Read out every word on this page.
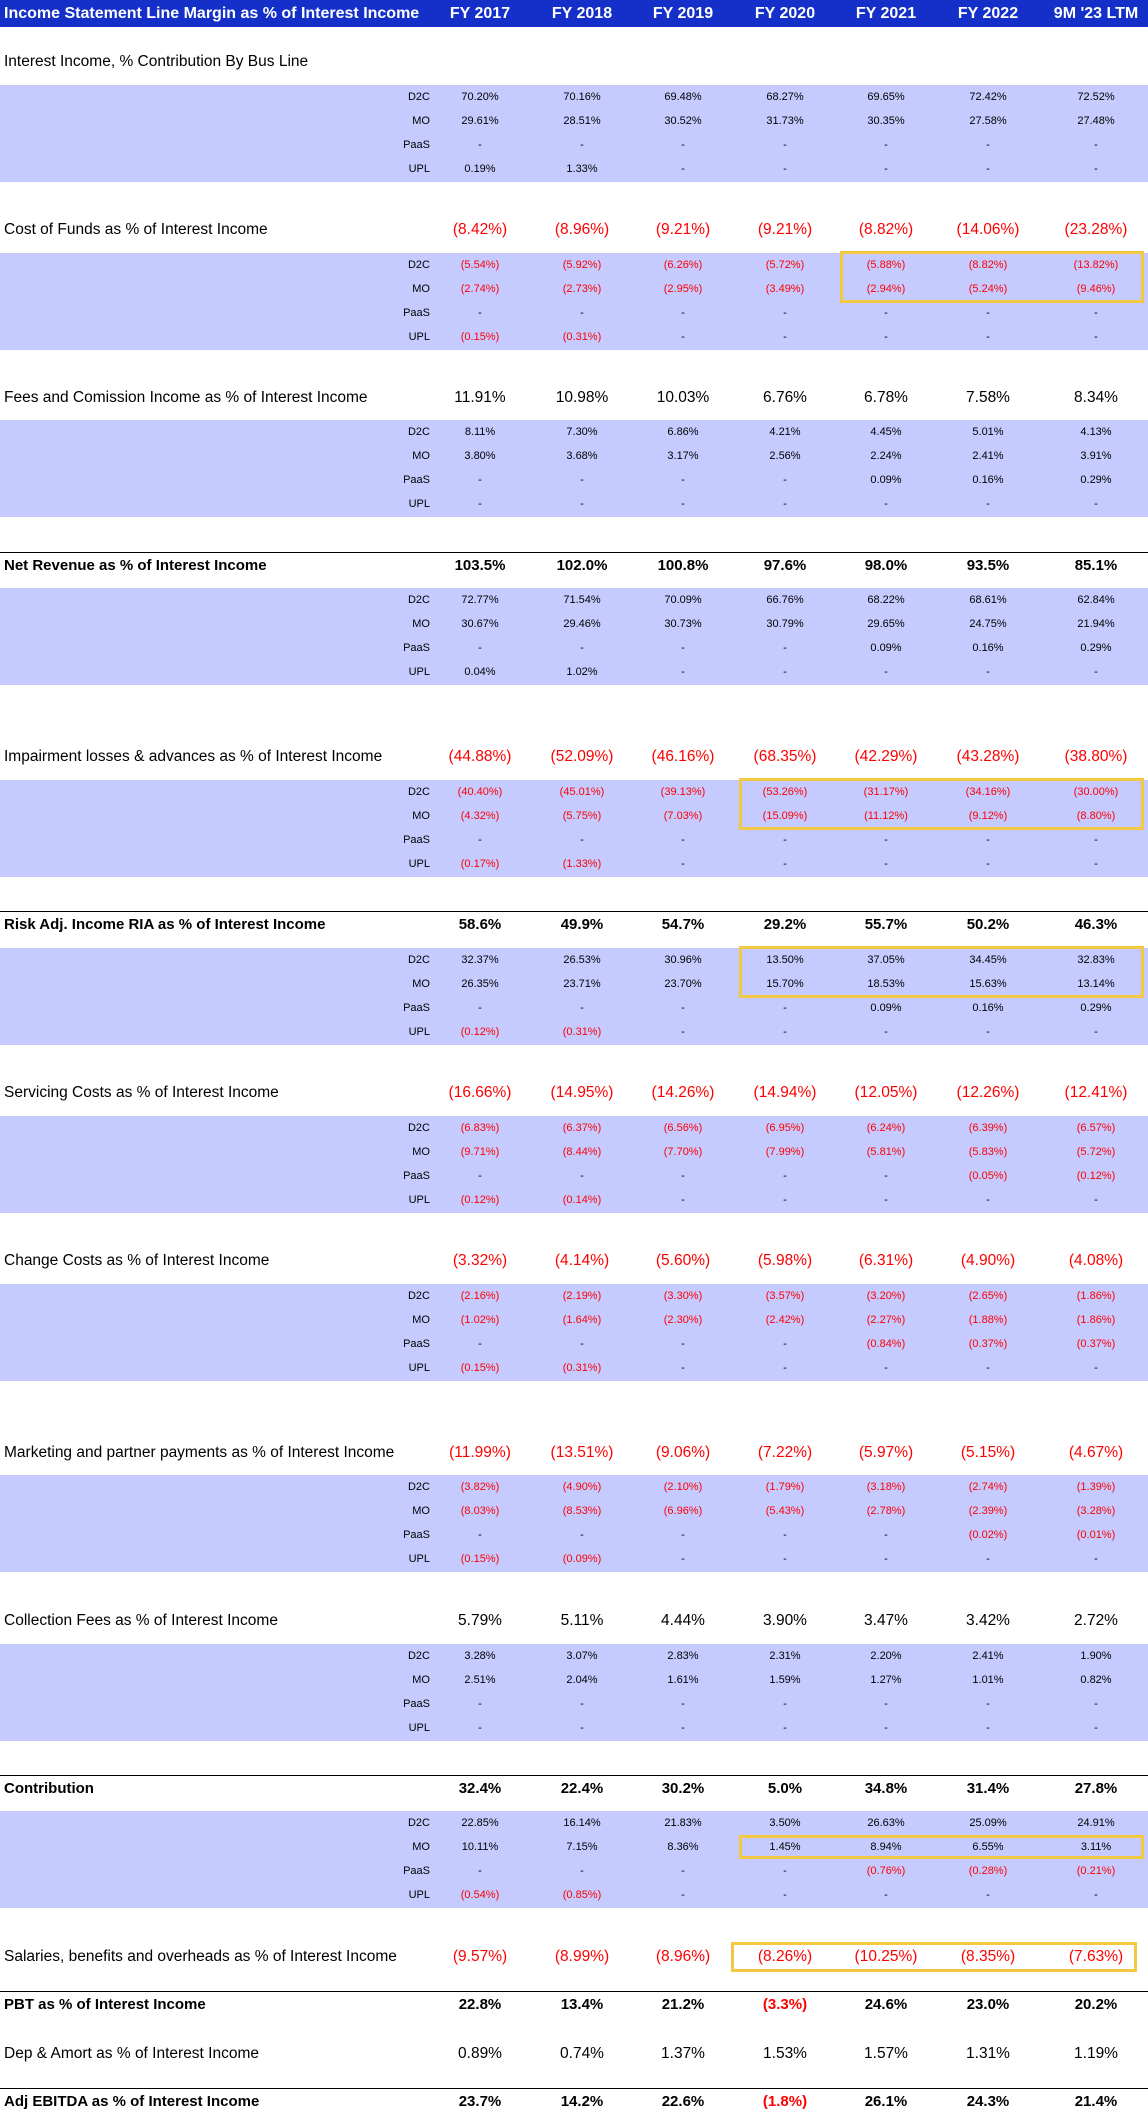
Income Statement Line Margin as % of Interest Income	FY 2017	FY 2018	FY 2019	FY 2020	FY 2021	FY 2022	9M '23 LTM
Interest Income, % Contribution By Bus Line
D2C	70.20%	70.16%	69.48%	68.27%	69.65%	72.42%	72.52%
MO	29.61%	28.51%	30.52%	31.73%	30.35%	27.58%	27.48%
PaaS	-	-	-	-	-	-	-
UPL	0.19%	1.33%	-	-	-	-	-
Cost of Funds as % of Interest Income	(8.42%)	(8.96%)	(9.21%)	(9.21%)	(8.82%)	(14.06%)	(23.28%)
D2C	(5.54%)	(5.92%)	(6.26%)	(5.72%)	(5.88%)	(8.82%)	(13.82%)
MO	(2.74%)	(2.73%)	(2.95%)	(3.49%)	(2.94%)	(5.24%)	(9.46%)
PaaS	-	-	-	-	-	-	-
UPL	(0.15%)	(0.31%)	-	-	-	-	-
Fees and Comission Income as % of Interest Income	11.91%	10.98%	10.03%	6.76%	6.78%	7.58%	8.34%
D2C	8.11%	7.30%	6.86%	4.21%	4.45%	5.01%	4.13%
MO	3.80%	3.68%	3.17%	2.56%	2.24%	2.41%	3.91%
PaaS	-	-	-	-	0.09%	0.16%	0.29%
UPL	-	-	-	-	-	-	-
Net Revenue as % of Interest Income	103.5%	102.0%	100.8%	97.6%	98.0%	93.5%	85.1%
D2C	72.77%	71.54%	70.09%	66.76%	68.22%	68.61%	62.84%
MO	30.67%	29.46%	30.73%	30.79%	29.65%	24.75%	21.94%
PaaS	-	-	-	-	0.09%	0.16%	0.29%
UPL	0.04%	1.02%	-	-	-	-	-
Impairment losses & advances as % of Interest Income	(44.88%)	(52.09%)	(46.16%)	(68.35%)	(42.29%)	(43.28%)	(38.80%)
D2C	(40.40%)	(45.01%)	(39.13%)	(53.26%)	(31.17%)	(34.16%)	(30.00%)
MO	(4.32%)	(5.75%)	(7.03%)	(15.09%)	(11.12%)	(9.12%)	(8.80%)
PaaS	-	-	-	-	-	-	-
UPL	(0.17%)	(1.33%)	-	-	-	-	-
Risk Adj. Income RIA as % of Interest Income	58.6%	49.9%	54.7%	29.2%	55.7%	50.2%	46.3%
D2C	32.37%	26.53%	30.96%	13.50%	37.05%	34.45%	32.83%
MO	26.35%	23.71%	23.70%	15.70%	18.53%	15.63%	13.14%
PaaS	-	-	-	-	0.09%	0.16%	0.29%
UPL	(0.12%)	(0.31%)	-	-	-	-	-
Servicing Costs as % of Interest Income	(16.66%)	(14.95%)	(14.26%)	(14.94%)	(12.05%)	(12.26%)	(12.41%)
D2C	(6.83%)	(6.37%)	(6.56%)	(6.95%)	(6.24%)	(6.39%)	(6.57%)
MO	(9.71%)	(8.44%)	(7.70%)	(7.99%)	(5.81%)	(5.83%)	(5.72%)
PaaS	-	-	-	-	-	(0.05%)	(0.12%)
UPL	(0.12%)	(0.14%)	-	-	-	-	-
Change Costs as % of Interest Income	(3.32%)	(4.14%)	(5.60%)	(5.98%)	(6.31%)	(4.90%)	(4.08%)
D2C	(2.16%)	(2.19%)	(3.30%)	(3.57%)	(3.20%)	(2.65%)	(1.86%)
MO	(1.02%)	(1.64%)	(2.30%)	(2.42%)	(2.27%)	(1.88%)	(1.86%)
PaaS	-	-	-	-	(0.84%)	(0.37%)	(0.37%)
UPL	(0.15%)	(0.31%)	-	-	-	-	-
Marketing and partner payments as % of Interest Income	(11.99%)	(13.51%)	(9.06%)	(7.22%)	(5.97%)	(5.15%)	(4.67%)
D2C	(3.82%)	(4.90%)	(2.10%)	(1.79%)	(3.18%)	(2.74%)	(1.39%)
MO	(8.03%)	(8.53%)	(6.96%)	(5.43%)	(2.78%)	(2.39%)	(3.28%)
PaaS	-	-	-	-	-	(0.02%)	(0.01%)
UPL	(0.15%)	(0.09%)	-	-	-	-	-
Collection Fees as % of Interest Income	5.79%	5.11%	4.44%	3.90%	3.47%	3.42%	2.72%
D2C	3.28%	3.07%	2.83%	2.31%	2.20%	2.41%	1.90%
MO	2.51%	2.04%	1.61%	1.59%	1.27%	1.01%	0.82%
PaaS	-	-	-	-	-	-	-
UPL	-	-	-	-	-	-	-
Contribution	32.4%	22.4%	30.2%	5.0%	34.8%	31.4%	27.8%
D2C	22.85%	16.14%	21.83%	3.50%	26.63%	25.09%	24.91%
MO	10.11%	7.15%	8.36%	1.45%	8.94%	6.55%	3.11%
PaaS	-	-	-	-	(0.76%)	(0.28%)	(0.21%)
UPL	(0.54%)	(0.85%)	-	-	-	-	-
Salaries, benefits and overheads as % of Interest Income	(9.57%)	(8.99%)	(8.96%)	(8.26%)	(10.25%)	(8.35%)	(7.63%)
PBT as % of Interest Income	22.8%	13.4%	21.2%	(3.3%)	24.6%	23.0%	20.2%
Dep & Amort as % of Interest Income	0.89%	0.74%	1.37%	1.53%	1.57%	1.31%	1.19%
Adj EBITDA as % of Interest Income	23.7%	14.2%	22.6%	(1.8%)	26.1%	24.3%	21.4%
